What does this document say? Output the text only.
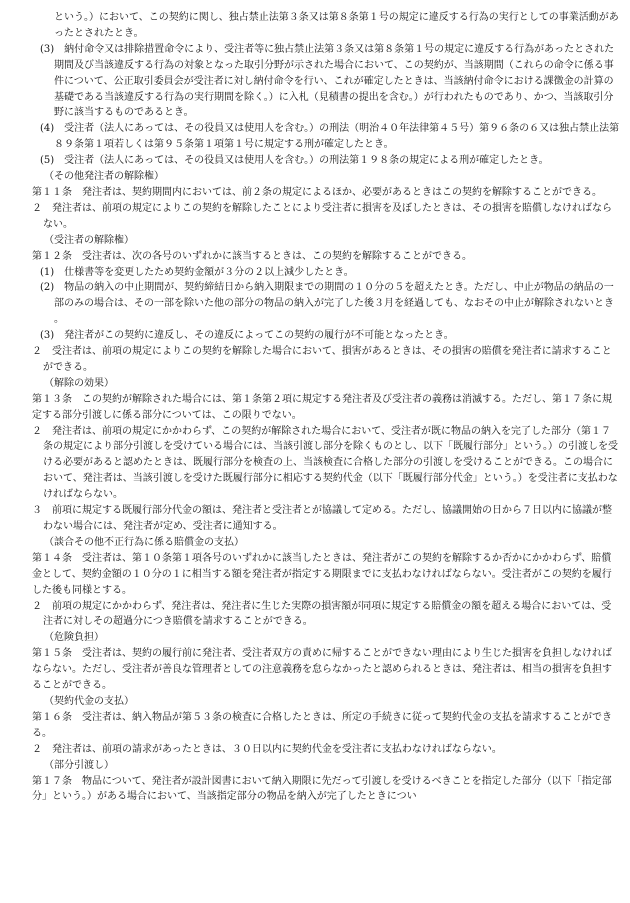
という。）において、この契約に関し、独占禁止法第３条又は第８条第１号の規定に違反する行為の実行としての事業活動があったとされたとき。

(3)　納付命令又は排除措置命令により、受注者等に独占禁止法第３条又は第８条第１号の規定に違反する行為があったとされた期間及び当該違反する行為の対象となった取引分野が示された場合において、この契約が、当該期間（これらの命令に係る事件について、公正取引委員会が受注者に対し納付命令を行い、これが確定したときは、当該納付命令における課徴金の計算の基礎である当該違反する行為の実行期間を除く。）に入札（見積書の提出を含む。）が行われたものであり、かつ、当該取引分野に該当するものであるとき。

(4)　受注者（法人にあっては、その役員又は使用人を含む。）の刑法（明治４０年法律第４５号）第９６条の６又は独占禁止法第８９条第１項若しくは第９５条第１項第１号に規定する刑が確定したとき。

(5)　受注者（法人にあっては、その役員又は使用人を含む。）の刑法第１９８条の規定による刑が確定したとき。

（その他発注者の解除権）

第１１条　発注者は、契約期間内においては、前２条の規定によるほか、必要があるときはこの契約を解除することができる。

２　発注者は、前項の規定によりこの契約を解除したことにより受注者に損害を及ぼしたときは、その損害を賠償しなければならない。

（受注者の解除権）

第１２条　受注者は、次の各号のいずれかに該当するときは、この契約を解除することができる。

(1)　仕様書等を変更したため契約金額が３分の２以上減少したとき。

(2)　物品の納入の中止期間が、契約締結日から納入期限までの期間の１０分の５を超えたとき。ただし、中止が物品の納品の一部のみの場合は、その一部を除いた他の部分の物品の納入が完了した後３月を経過しても、なおその中止が解除されないとき。

(3)　発注者がこの契約に違反し、その違反によってこの契約の履行が不可能となったとき。

２　受注者は、前項の規定によりこの契約を解除した場合において、損害があるときは、その損害の賠償を発注者に請求することができる。

（解除の効果）

第１３条　この契約が解除された場合には、第１条第２項に規定する発注者及び受注者の義務は消滅する。ただし、第１７条に規定する部分引渡しに係る部分については、この限りでない。

２　発注者は、前項の規定にかかわらず、この契約が解除された場合において、受注者が既に物品の納入を完了した部分（第１７条の規定により部分引渡しを受けている場合には、当該引渡し部分を除くものとし、以下「既履行部分」という。）の引渡しを受ける必要があると認めたときは、既履行部分を検査の上、当該検査に合格した部分の引渡しを受けることができる。この場合において、発注者は、当該引渡しを受けた既履行部分に相応する契約代金（以下「既履行部分代金」という。）を受注者に支払わなければならない。

３　前項に規定する既履行部分代金の額は、発注者と受注者とが協議して定める。ただし、協議開始の日から７日以内に協議が整わない場合には、発注者が定め、受注者に通知する。

（談合その他不正行為に係る賠償金の支払）

第１４条　受注者は、第１０条第１項各号のいずれかに該当したときは、発注者がこの契約を解除するか否かにかかわらず、賠償金として、契約金額の１０分の１に相当する額を発注者が指定する期限までに支払わなければならない。受注者がこの契約を履行した後も同様とする。

２　前項の規定にかかわらず、発注者は、発注者に生じた実際の損害額が同項に規定する賠償金の額を超える場合においては、受注者に対しその超過分につき賠償を請求することができる。

（危険負担）

第１５条　受注者は、契約の履行前に発注者、受注者双方の責めに帰することができない理由により生じた損害を負担しなければならない。ただし、受注者が善良な管理者としての注意義務を怠らなかったと認められるときは、発注者は、相当の損害を負担することができる。

（契約代金の支払）

第１６条　受注者は、納入物品が第５３条の検査に合格したときは、所定の手続きに従って契約代金の支払を請求することができる。

２　発注者は、前項の請求があったときは、３０日以内に契約代金を受注者に支払わなければならない。

（部分引渡し）

第１７条　物品について、発注者が設計図書において納入期限に先だって引渡しを受けるべきことを指定した部分（以下「指定部分」という。）がある場合において、当該指定部分の物品を納入が完了したときについ
